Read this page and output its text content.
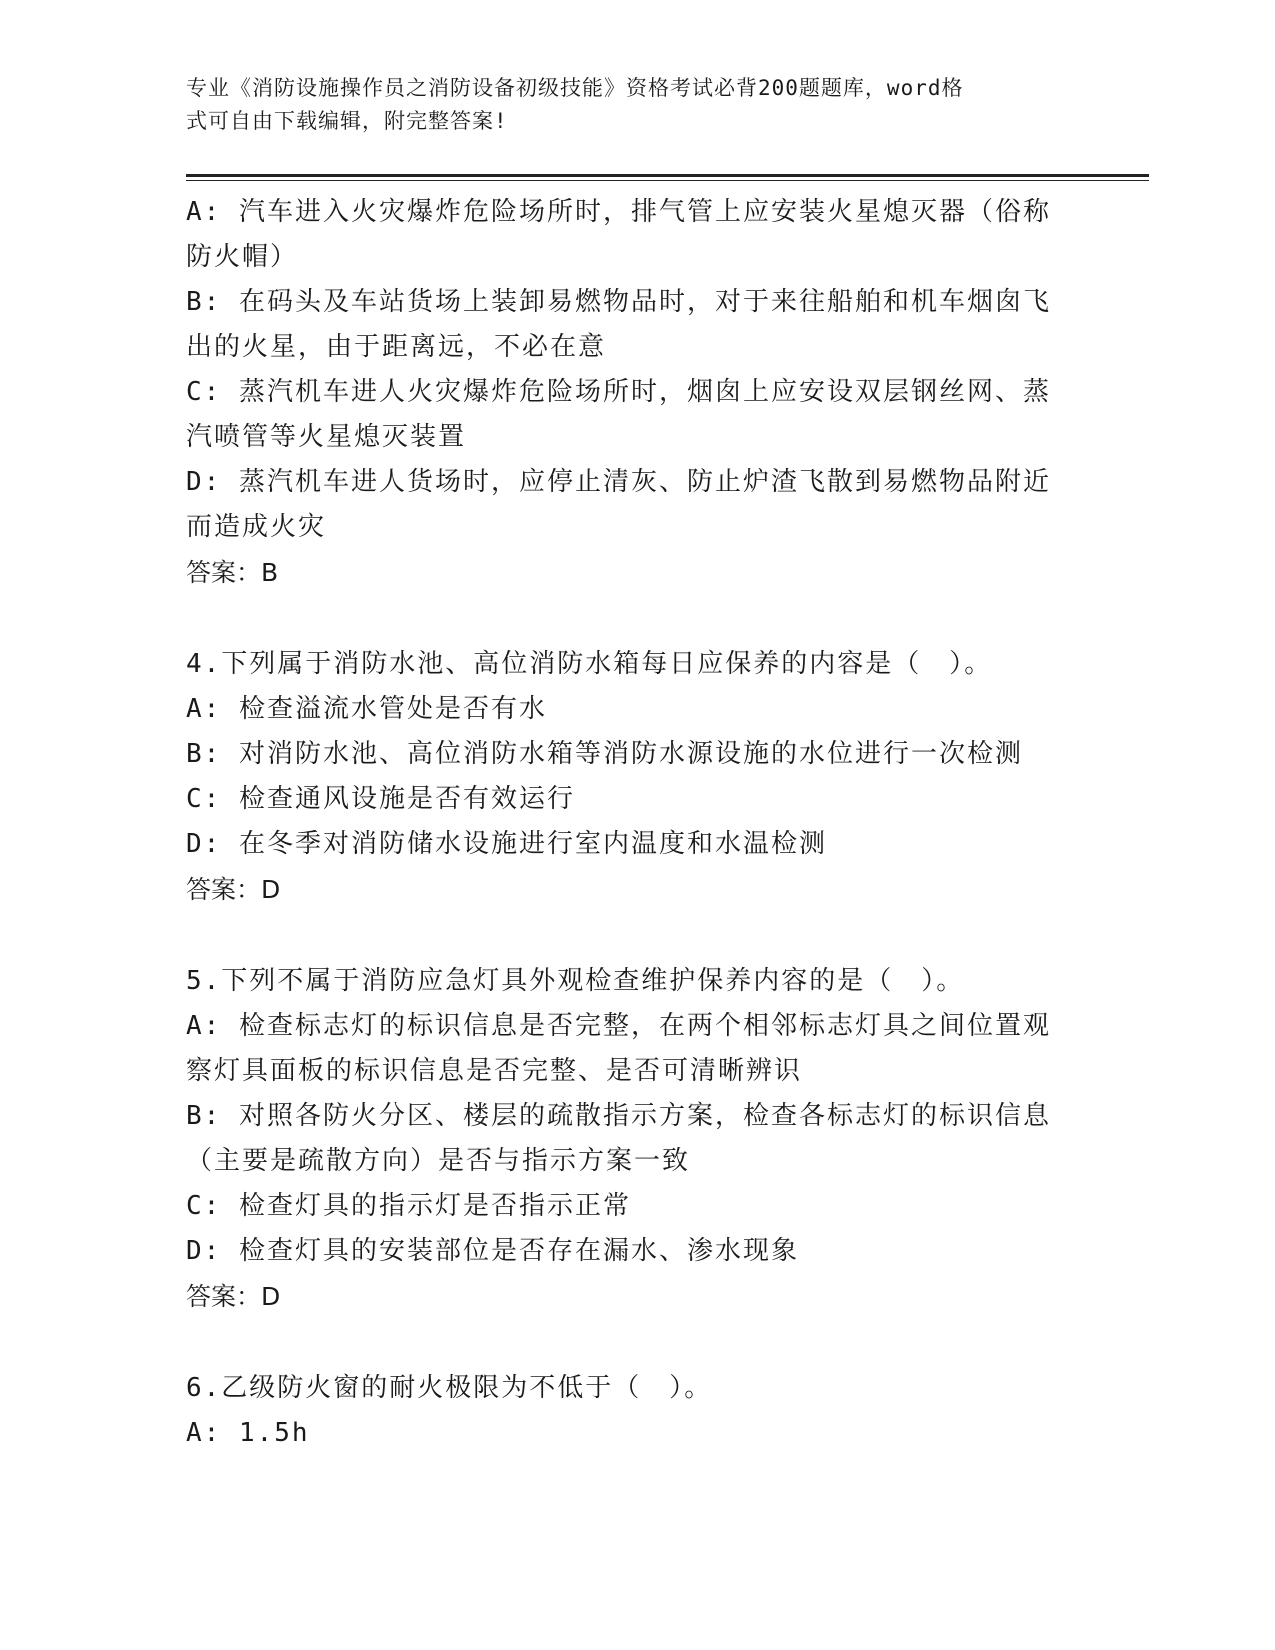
专业《消防设施操作员之消防设备初级技能》资格考试必背200题题库，word格
式可自由下载编辑，附完整答案!
A: 汽车进入火灾爆炸危险场所时，排气管上应安装火星熄灭器（俗称
防火帽）
B: 在码头及车站货场上装卸易燃物品时，对于来往船舶和机车烟囱飞
出的火星，由于距离远，不必在意
C: 蒸汽机车进人火灾爆炸危险场所时，烟囱上应安设双层钢丝网、蒸
汽喷管等火星熄灭装置
D: 蒸汽机车进人货场时，应停止清灰、防止炉渣飞散到易燃物品附近
而造成火灾
答案：B
4.下列属于消防水池、高位消防水箱每日应保养的内容是（　）。
A: 检查溢流水管处是否有水
B: 对消防水池、高位消防水箱等消防水源设施的水位进行一次检测
C: 检查通风设施是否有效运行
D: 在冬季对消防储水设施进行室内温度和水温检测
答案：D
5.下列不属于消防应急灯具外观检查维护保养内容的是（　）。
A: 检查标志灯的标识信息是否完整，在两个相邻标志灯具之间位置观
察灯具面板的标识信息是否完整、是否可清晰辨识
B: 对照各防火分区、楼层的疏散指示方案，检查各标志灯的标识信息
（主要是疏散方向）是否与指示方案一致
C: 检查灯具的指示灯是否指示正常
D: 检查灯具的安装部位是否存在漏水、渗水现象
答案：D
6.乙级防火窗的耐火极限为不低于（　）。
A: 1.5h
